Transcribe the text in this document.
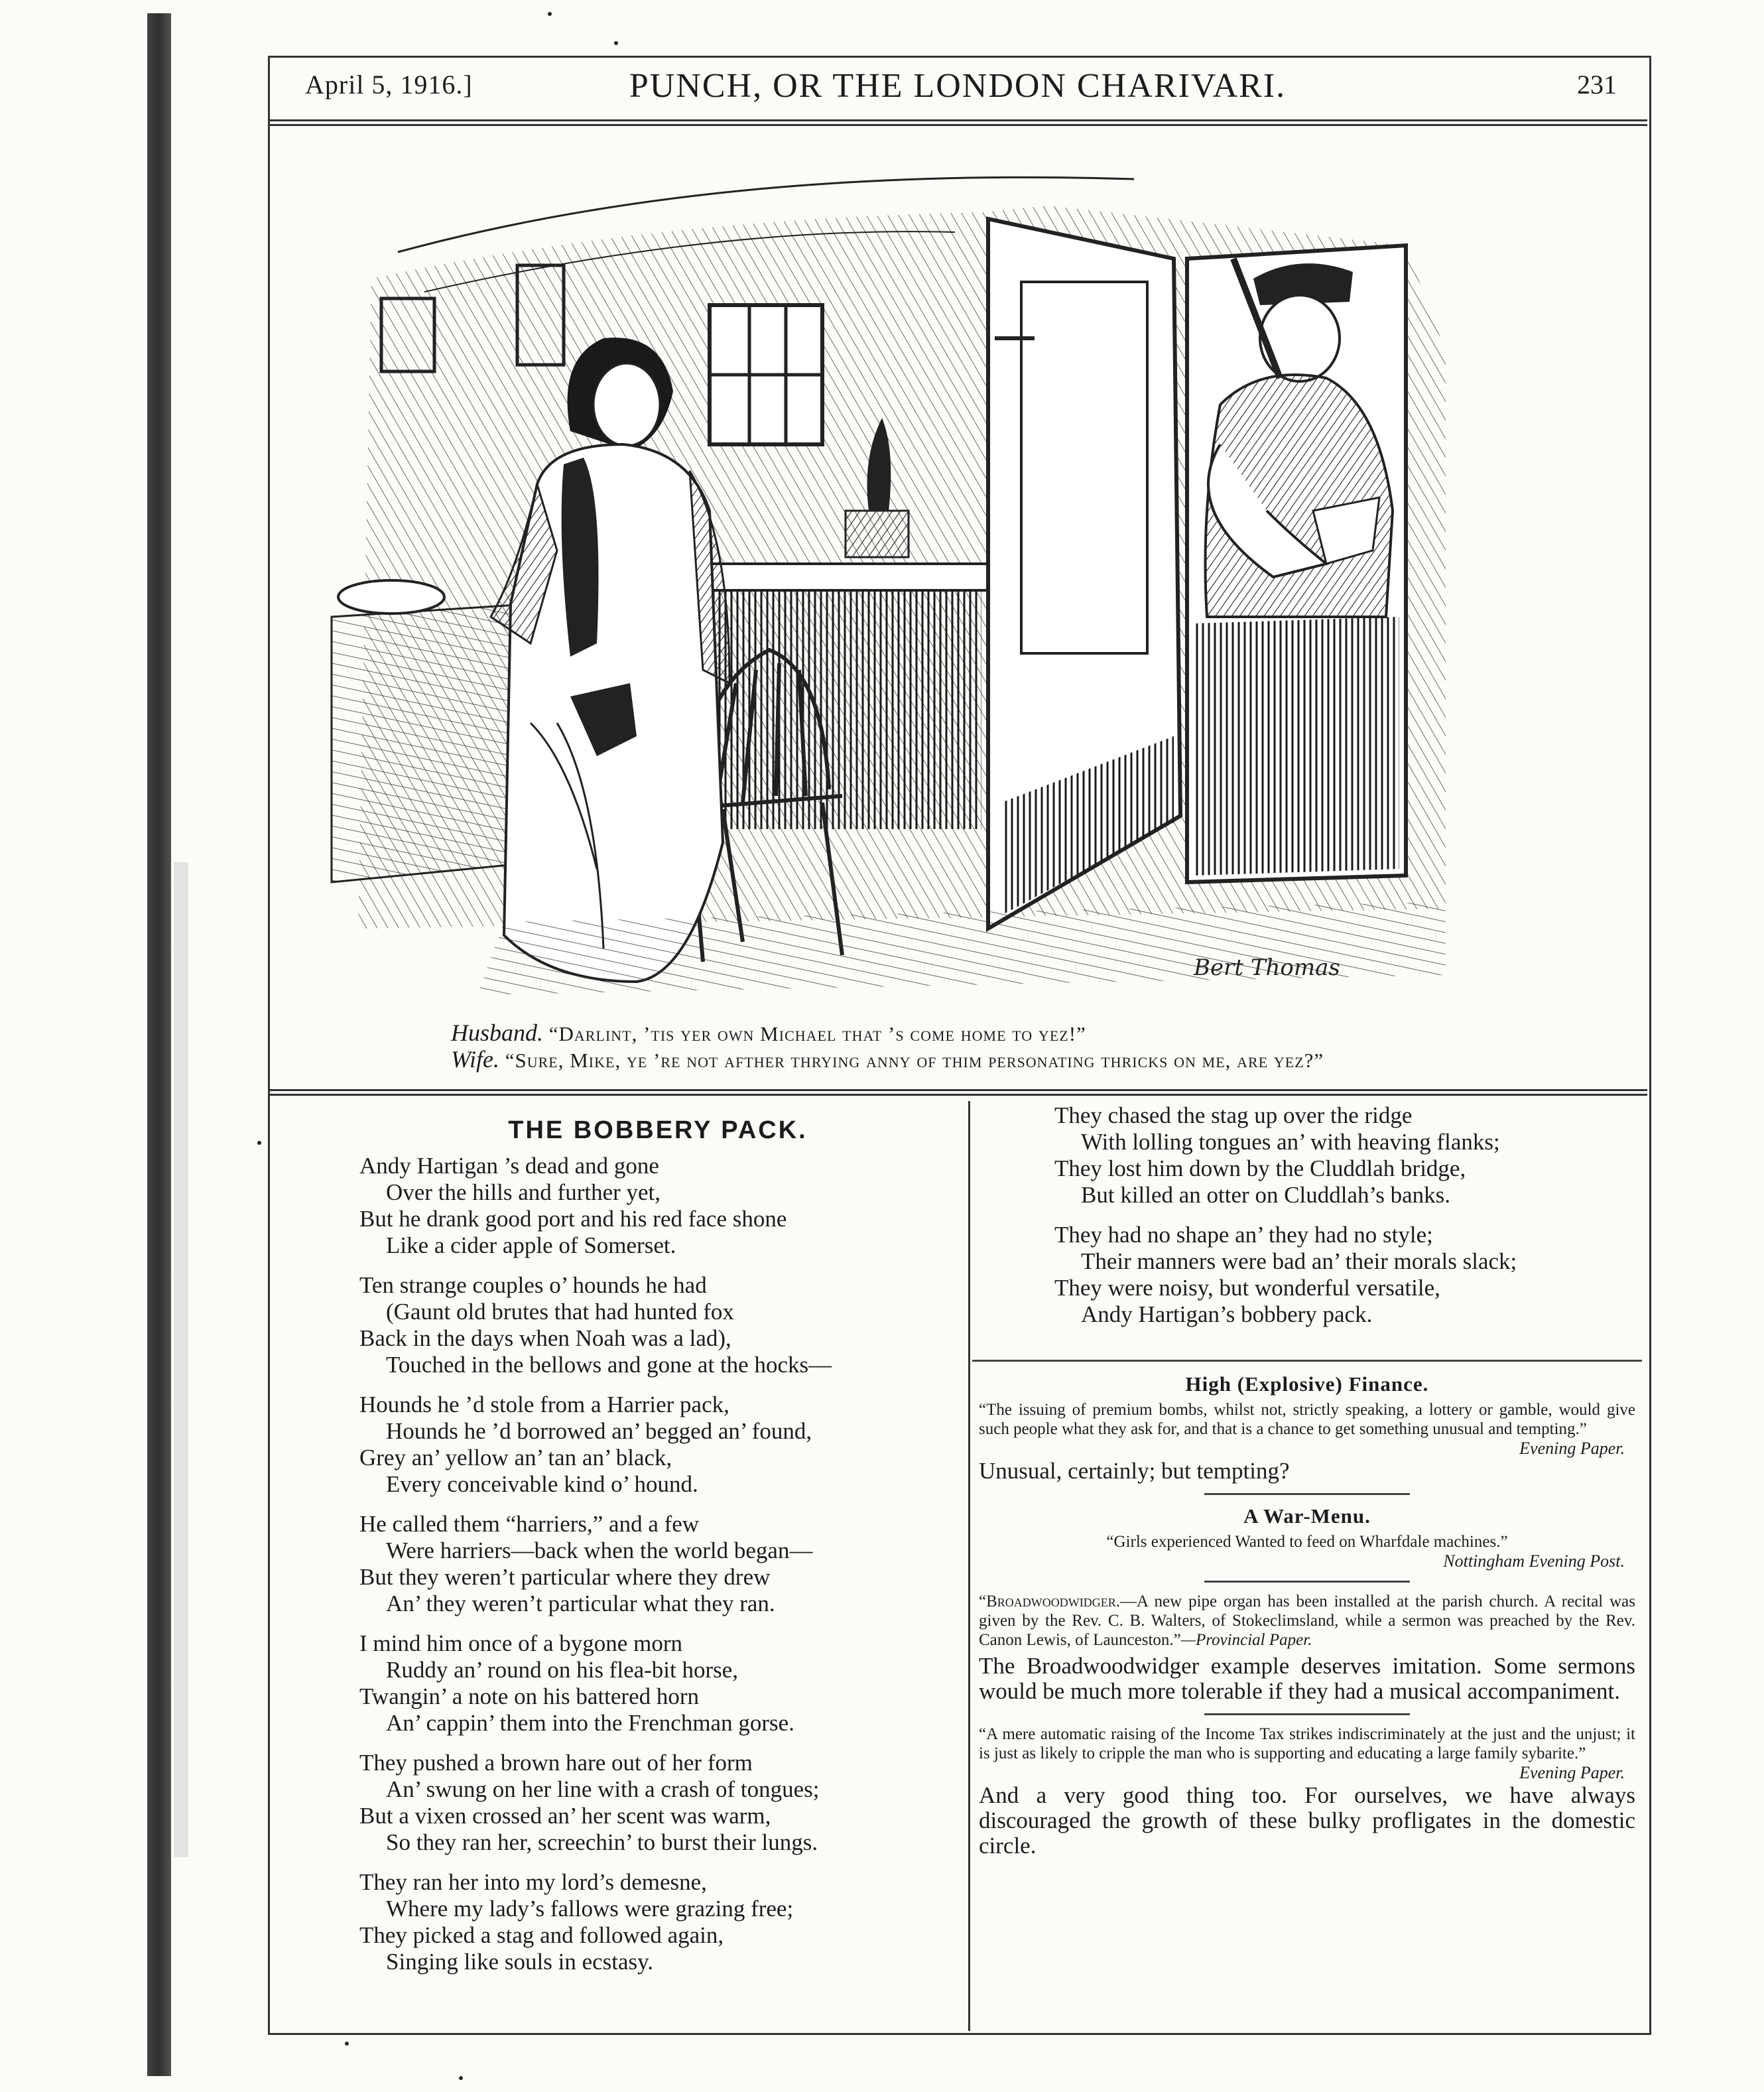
April 5, 1916.]	PUNCH, OR THE LONDON CHARIVARI.	231
Bert Thomas
Husband. “Darlint, ’tis yer own Michael that ’s come home to yez!”
Wife. “Sure, Mike, ye ’re not afther thrying anny of thim personating thricks on me, are yez?”
THE BOBBERY PACK.
Andy Hartigan ’s dead and gone
Over the hills and further yet,
But he drank good port and his red face shone
Like a cider apple of Somerset.
Ten strange couples o’ hounds he had
(Gaunt old brutes that had hunted fox
Back in the days when Noah was a lad),
Touched in the bellows and gone at the hocks—
Hounds he ’d stole from a Harrier pack,
Hounds he ’d borrowed an’ begged an’ found,
Grey an’ yellow an’ tan an’ black,
Every conceivable kind o’ hound.
He called them “harriers,” and a few
Were harriers—back when the world began—
But they weren’t particular where they drew
An’ they weren’t particular what they ran.
I mind him once of a bygone morn
Ruddy an’ round on his flea-bit horse,
Twangin’ a note on his battered horn
An’ cappin’ them into the Frenchman gorse.
They pushed a brown hare out of her form
An’ swung on her line with a crash of tongues;
But a vixen crossed an’ her scent was warm,
So they ran her, screechin’ to burst their lungs.
They ran her into my lord’s demesne,
Where my lady’s fallows were grazing free;
They picked a stag and followed again,
Singing like souls in ecstasy.
They chased the stag up over the ridge
With lolling tongues an’ with heaving flanks;
They lost him down by the Cluddlah bridge,
But killed an otter on Cluddlah’s banks.
They had no shape an’ they had no style;
Their manners were bad an’ their morals slack;
They were noisy, but wonderful versatile,
Andy Hartigan’s bobbery pack.
High (Explosive) Finance.
“The issuing of premium bombs, whilst not, strictly speaking, a lottery or gamble, would give such people what they ask for, and that is a chance to get something unusual and tempting.”
Evening Paper.
Unusual, certainly; but tempting?
A War-Menu.
“Girls experienced Wanted to feed on Wharfdale machines.”
Nottingham Evening Post.
“Broadwoodwidger.—A new pipe organ has been installed at the parish church. A recital was given by the Rev. C. B. Walters, of Stokeclimsland, while a sermon was preached by the Rev. Canon Lewis, of Launceston.”—Provincial Paper.
The Broadwoodwidger example deserves imitation. Some sermons would be much more tolerable if they had a musical accompaniment.
“A mere automatic raising of the Income Tax strikes indiscriminately at the just and the unjust; it is just as likely to cripple the man who is supporting and educating a large family sybarite.”
Evening Paper.
And a very good thing too. For ourselves, we have always discouraged the growth of these bulky profligates in the domestic circle.
